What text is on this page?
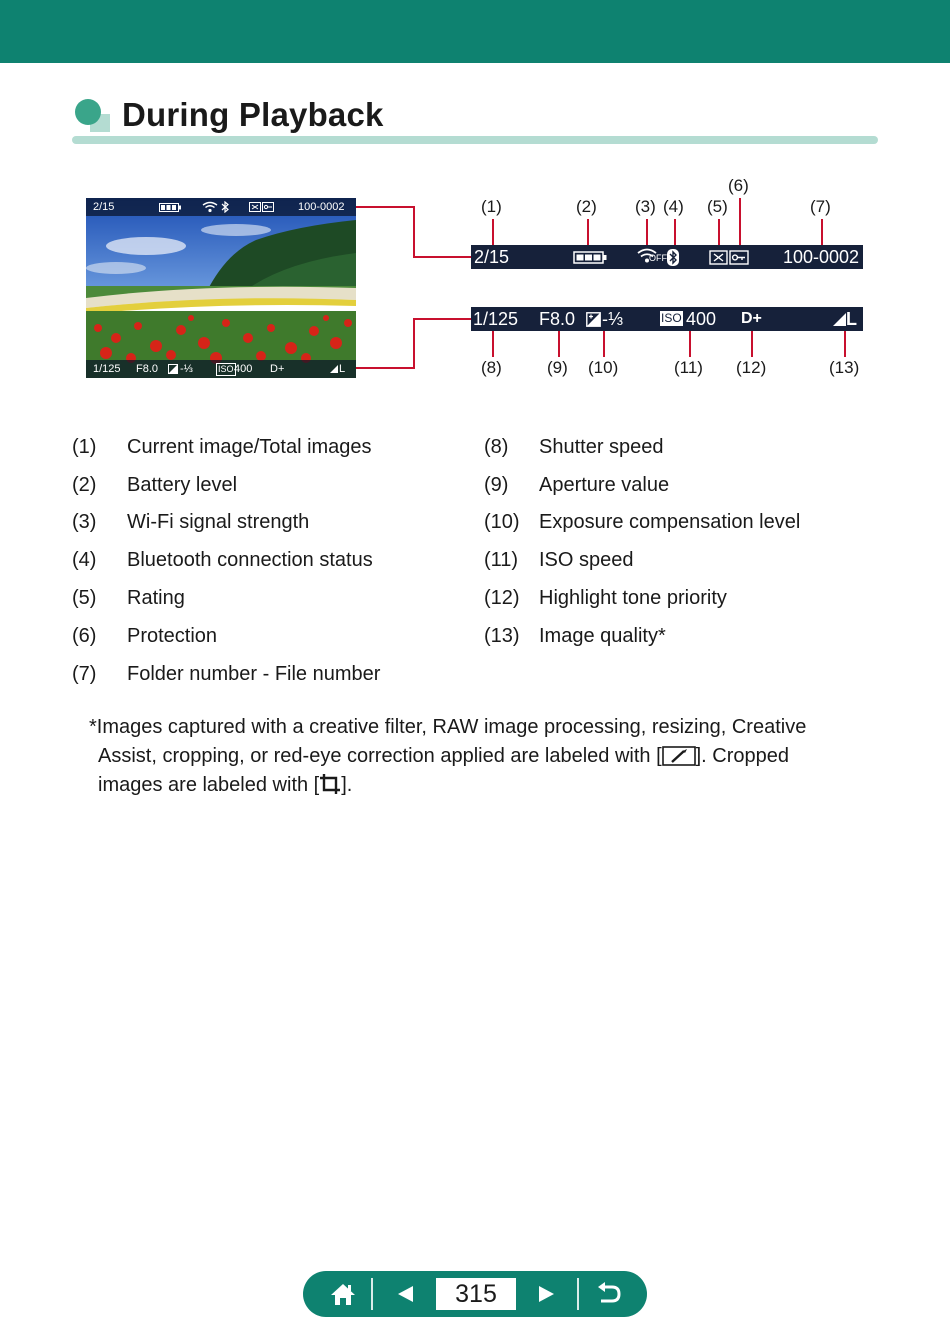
During Playback
2/15	100-0002
1/125 F8.0 -⅓	ISO 400 D+	L
2/15	OFF	100-0002
1/125 F8.0 -⅓	ISO 400 D+	L
(1)	(2) (3) (4) (5)
(6)
(7)
(8)	(9) (10)	(11) (12)	(13)
(1) Current image/Total images
(2) Battery level
(3) Wi-Fi signal strength
(4) Bluetooth connection status
(5) Rating
(6) Protection
(7) Folder number - File number
(8) Shutter speed
(9) Aperture value
(10) Exposure compensation level
(11) ISO speed
(12) Highlight tone priority
(13) Image quality*
*Images captured with a creative filter, RAW image processing, resizing, Creative
Assist, cropping, or red-eye correction applied are labeled with [ ]. Cropped
images are labeled with [ ].
315
